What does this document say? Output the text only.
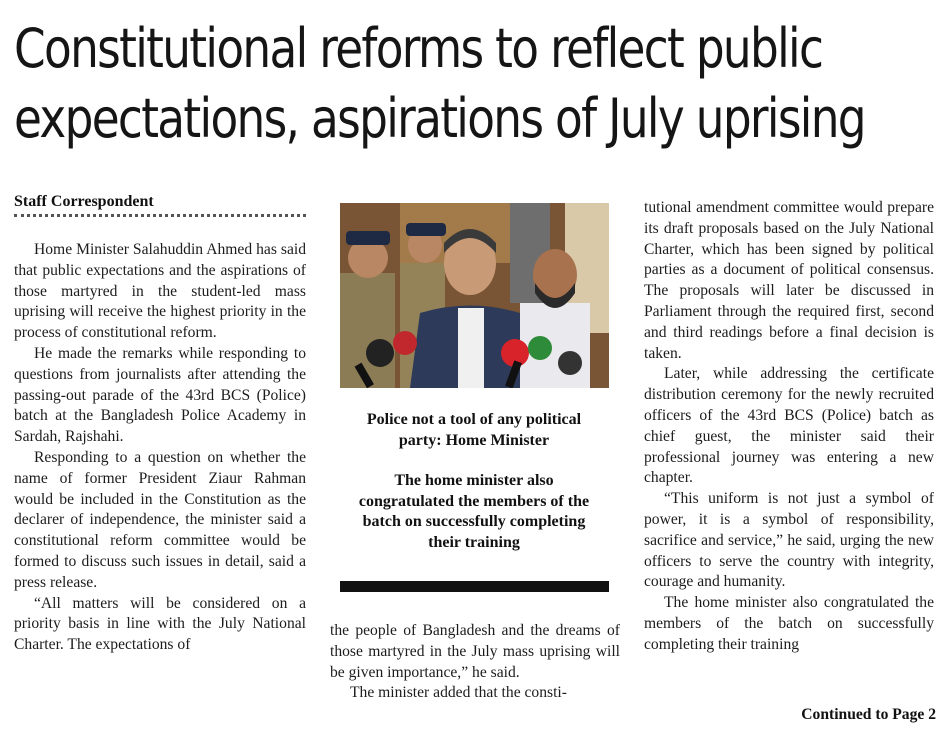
Constitutional reforms to reflect public
expectations, aspirations of July uprising
Staff Correspondent

Home Minister Salahuddin Ahmed has said that public expectations and the aspirations of those martyred in the student-led mass uprising will receive the highest priority in the process of constitutional reform.

He made the remarks while responding to questions from journalists after attending the passing-out parade of the 43rd BCS (Police) batch at the Bangladesh Police Academy in Sardah, Rajshahi.

Responding to a question on whether the name of former President Ziaur Rahman would be included in the Constitution as the declarer of independence, the minister said a constitutional reform committee would be formed to discuss such issues in detail, said a press release.

“All matters will be considered on a priority basis in line with the July National Charter. The expectations of

Police not a tool of any political party: Home Minister
The home minister also congratulated the members of the batch on successfully completing their training

the people of Bangladesh and the dreams of those martyred in the July mass uprising will be given importance,” he said.

The minister added that the consti-

tutional amendment committee would prepare its draft proposals based on the July National Charter, which has been signed by political parties as a document of political consensus. The proposals will later be discussed in Parliament through the required first, second and third readings before a final decision is taken.

Later, while addressing the certificate distribution ceremony for the newly recruited officers of the 43rd BCS (Police) batch as chief guest, the minister said their professional journey was entering a new chapter.

“This uniform is not just a symbol of power, it is a symbol of responsibility, sacrifice and service,” he said, urging the new officers to serve the country with integrity, courage and humanity.

The home minister also congratulated the members of the batch on successfully completing their training

Continued to Page 2
